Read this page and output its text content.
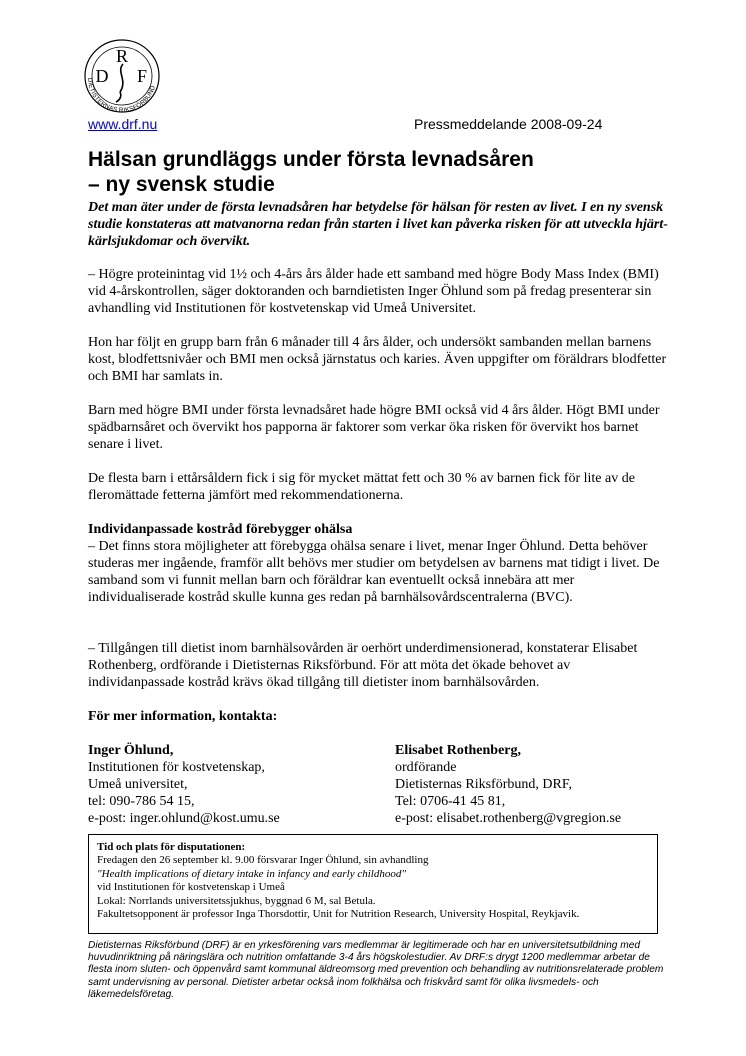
R
D F
DIETISTERNAS RIKSFÖRBUND
www.drf.nu	Pressmeddelande 2008-09-24
Hälsan grundläggs under första levnadsåren
– ny svensk studie

Det man äter under de första levnadsåren har betydelse för hälsan för resten av livet. I en ny svensk studie konstateras att matvanorna redan från starten i livet kan påverka risken för att utveckla hjärt-kärlsjukdomar och övervikt.

– Högre proteinintag vid 1½ och 4-års års ålder hade ett samband med högre Body Mass Index (BMI) vid 4-årskontrollen, säger doktoranden och barndietisten Inger Öhlund som på fredag presenterar sin avhandling vid Institutionen för kostvetenskap vid Umeå Universitet.

Hon har följt en grupp barn från 6 månader till 4 års ålder, och undersökt sambanden mellan barnens kost, blodfettsnivåer och BMI men också järnstatus och karies. Även uppgifter om föräldrars blodfetter och BMI har samlats in.

Barn med högre BMI under första levnadsåret hade högre BMI också vid 4 års ålder. Högt BMI under spädbarnsåret och övervikt hos papporna är faktorer som verkar öka risken för övervikt hos barnet senare i livet.

De flesta barn i ettårsåldern fick i sig för mycket mättat fett och 30 % av barnen fick för lite av de fleromättade fetterna jämfört med rekommendationerna.

Individanpassade kostråd förebygger ohälsa

– Det finns stora möjligheter att förebygga ohälsa senare i livet, menar Inger Öhlund. Detta behöver studeras mer ingående, framför allt behövs mer studier om betydelsen av barnens mat tidigt i livet. De samband som vi funnit mellan barn och föräldrar kan eventuellt också innebära att mer individualiserade kostråd skulle kunna ges redan på barnhälsovårdscentralerna (BVC).

– Tillgången till dietist inom barnhälsovården är oerhört underdimensionerad, konstaterar Elisabet Rothenberg, ordförande i Dietisternas Riksförbund. För att möta det ökade behovet av individanpassade kostråd krävs ökad tillgång till dietister inom barnhälsovården.

För mer information, kontakta:

Inger Öhlund,
Institutionen för kostvetenskap,
Umeå universitet,
tel: 090-786 54 15,
e-post: inger.ohlund@kost.umu.se
Elisabet Rothenberg,
ordförande
Dietisternas Riksförbund, DRF,
Tel: 0706-41 45 81,
e-post: elisabet.rothenberg@vgregion.se
Tid och plats för disputationen:
Fredagen den 26 september kl. 9.00 försvarar Inger Öhlund, sin avhandling
"Health implications of dietary intake in infancy and early childhood"
vid Institutionen för kostvetenskap i Umeå
Lokal: Norrlands universitetssjukhus, byggnad 6 M, sal Betula.
Fakultetsopponent är professor Inga Thorsdottir, Unit for Nutrition Research, University Hospital, Reykjavik.

Dietisternas Riksförbund (DRF) är en yrkesförening vars medlemmar är legitimerade och har en universitetsutbildning med huvudinriktning på näringslära och nutrition omfattande 3-4 års högskolestudier. Av DRF:s drygt 1200 medlemmar arbetar de flesta inom sluten- och öppenvård samt kommunal äldreomsorg med prevention och behandling av nutritionsrelaterade problem samt undervisning av personal. Dietister arbetar också inom folkhälsa och friskvård samt för olika livsmedels- och läkemedelsföretag.
